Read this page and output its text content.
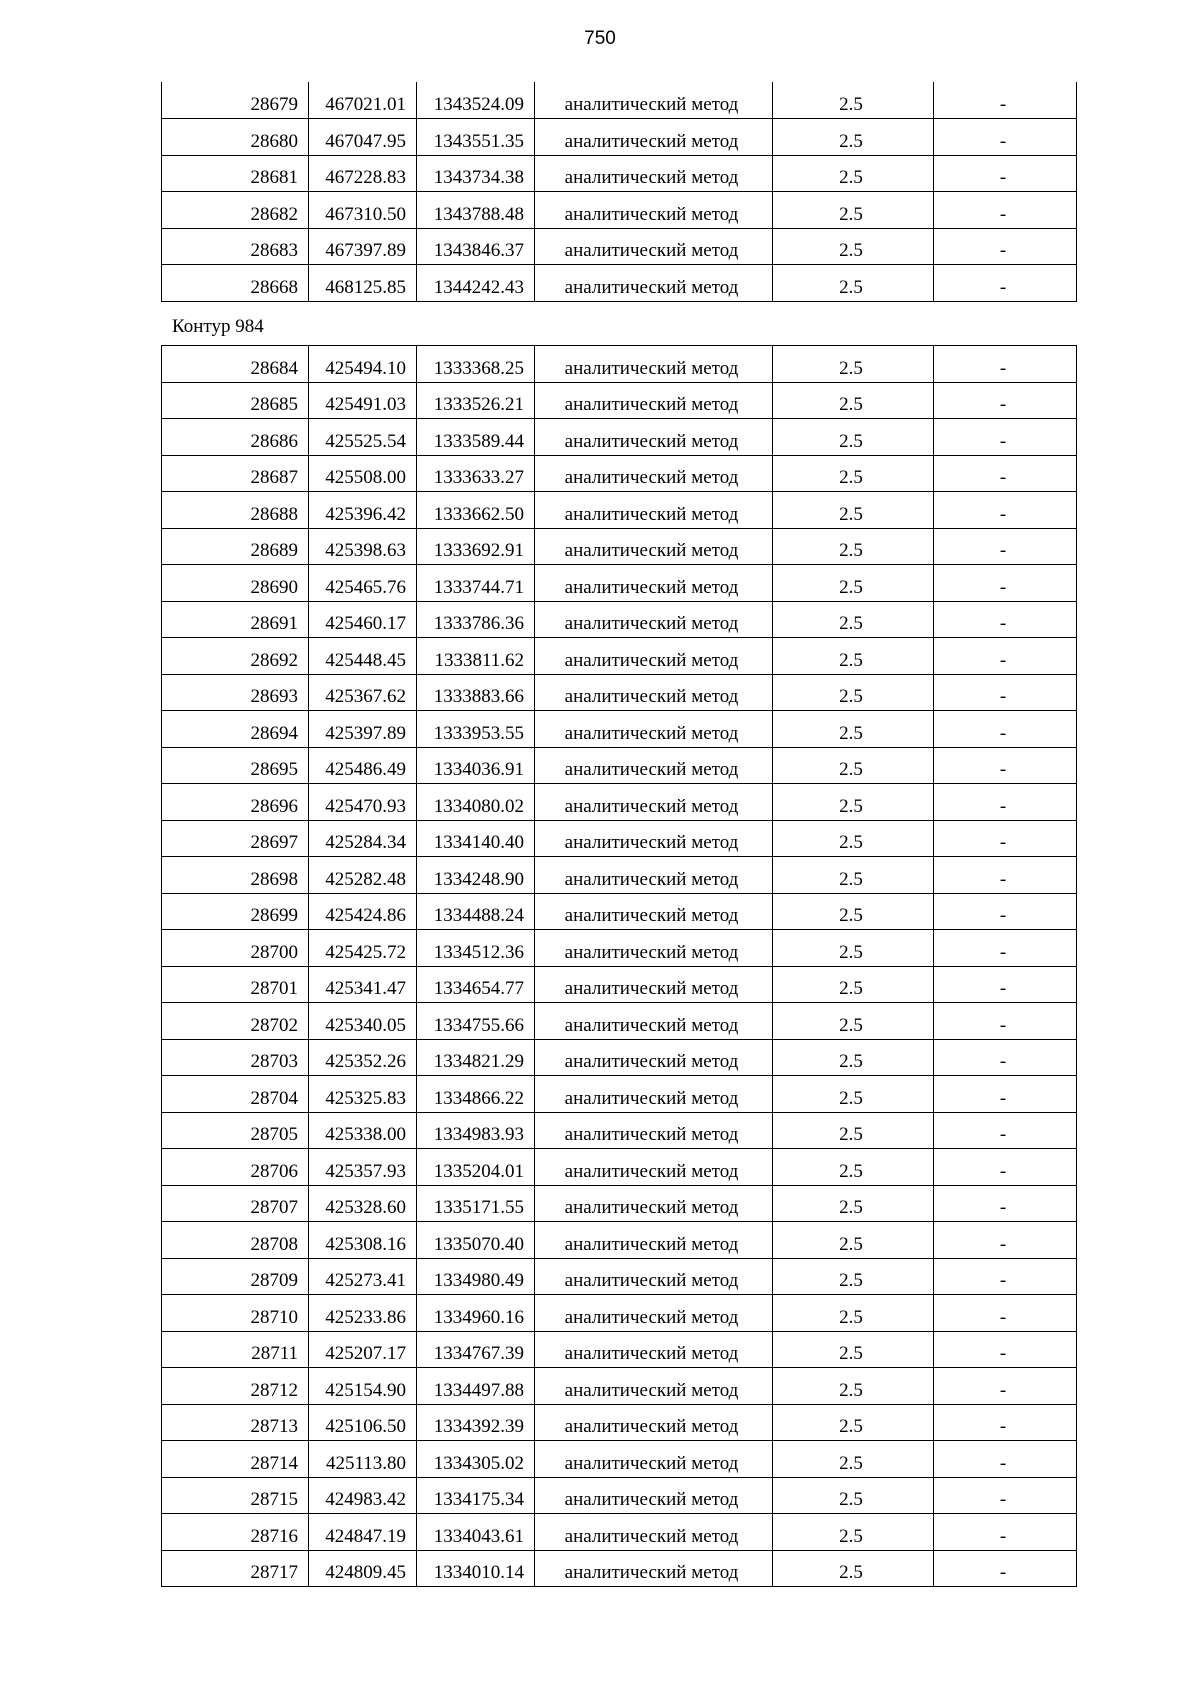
750
28679	467021.01	1343524.09	аналитический метод	2.5	-
28680	467047.95	1343551.35	аналитический метод	2.5	-
28681	467228.83	1343734.38	аналитический метод	2.5	-
28682	467310.50	1343788.48	аналитический метод	2.5	-
28683	467397.89	1343846.37	аналитический метод	2.5	-
28668	468125.85	1344242.43	аналитический метод	2.5	-
Контур 984
28684	425494.10	1333368.25	аналитический метод	2.5	-
28685	425491.03	1333526.21	аналитический метод	2.5	-
28686	425525.54	1333589.44	аналитический метод	2.5	-
28687	425508.00	1333633.27	аналитический метод	2.5	-
28688	425396.42	1333662.50	аналитический метод	2.5	-
28689	425398.63	1333692.91	аналитический метод	2.5	-
28690	425465.76	1333744.71	аналитический метод	2.5	-
28691	425460.17	1333786.36	аналитический метод	2.5	-
28692	425448.45	1333811.62	аналитический метод	2.5	-
28693	425367.62	1333883.66	аналитический метод	2.5	-
28694	425397.89	1333953.55	аналитический метод	2.5	-
28695	425486.49	1334036.91	аналитический метод	2.5	-
28696	425470.93	1334080.02	аналитический метод	2.5	-
28697	425284.34	1334140.40	аналитический метод	2.5	-
28698	425282.48	1334248.90	аналитический метод	2.5	-
28699	425424.86	1334488.24	аналитический метод	2.5	-
28700	425425.72	1334512.36	аналитический метод	2.5	-
28701	425341.47	1334654.77	аналитический метод	2.5	-
28702	425340.05	1334755.66	аналитический метод	2.5	-
28703	425352.26	1334821.29	аналитический метод	2.5	-
28704	425325.83	1334866.22	аналитический метод	2.5	-
28705	425338.00	1334983.93	аналитический метод	2.5	-
28706	425357.93	1335204.01	аналитический метод	2.5	-
28707	425328.60	1335171.55	аналитический метод	2.5	-
28708	425308.16	1335070.40	аналитический метод	2.5	-
28709	425273.41	1334980.49	аналитический метод	2.5	-
28710	425233.86	1334960.16	аналитический метод	2.5	-
28711	425207.17	1334767.39	аналитический метод	2.5	-
28712	425154.90	1334497.88	аналитический метод	2.5	-
28713	425106.50	1334392.39	аналитический метод	2.5	-
28714	425113.80	1334305.02	аналитический метод	2.5	-
28715	424983.42	1334175.34	аналитический метод	2.5	-
28716	424847.19	1334043.61	аналитический метод	2.5	-
28717	424809.45	1334010.14	аналитический метод	2.5	-
